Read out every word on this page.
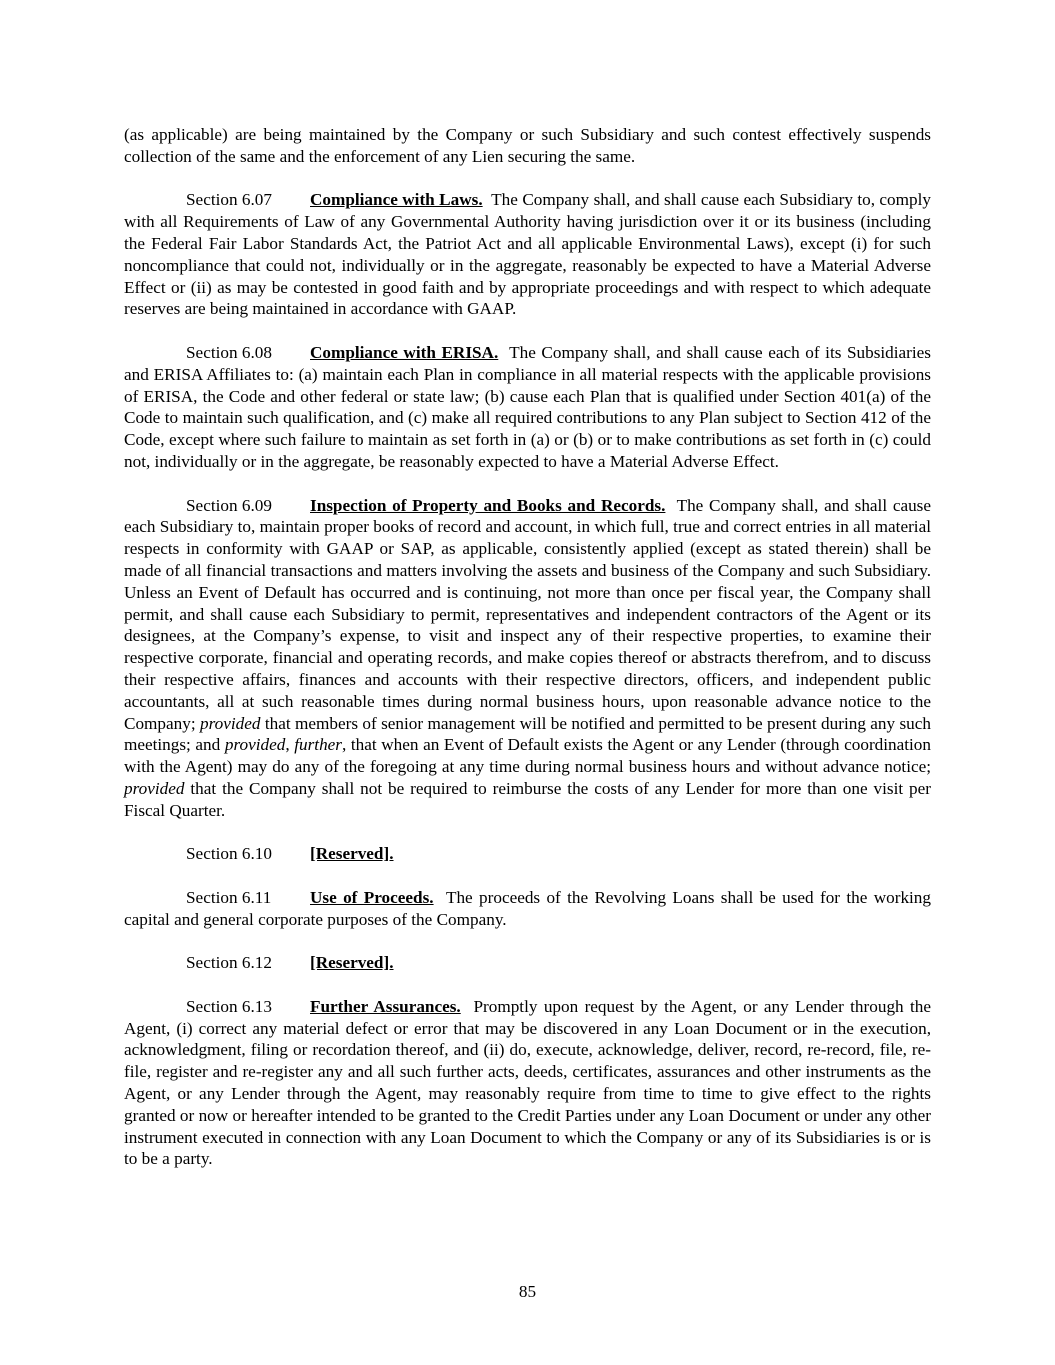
(as applicable) are being maintained by the Company or such Subsidiary and such contest effectively suspends collection of the same and the enforcement of any Lien securing the same.

Section 6.07 Compliance with Laws. The Company shall, and shall cause each Subsidiary to, comply with all Requirements of Law of any Governmental Authority having jurisdiction over it or its business (including the Federal Fair Labor Standards Act, the Patriot Act and all applicable Environmental Laws), except (i) for such noncompliance that could not, individually or in the aggregate, reasonably be expected to have a Material Adverse Effect or (ii) as may be contested in good faith and by appropriate proceedings and with respect to which adequate reserves are being maintained in accordance with GAAP.

Section 6.08 Compliance with ERISA. The Company shall, and shall cause each of its Subsidiaries and ERISA Affiliates to: (a) maintain each Plan in compliance in all material respects with the applicable provisions of ERISA, the Code and other federal or state law; (b) cause each Plan that is qualified under Section 401(a) of the Code to maintain such qualification, and (c) make all required contributions to any Plan subject to Section 412 of the Code, except where such failure to maintain as set forth in (a) or (b) or to make contributions as set forth in (c) could not, individually or in the aggregate, be reasonably expected to have a Material Adverse Effect.

Section 6.09 Inspection of Property and Books and Records. The Company shall, and shall cause each Subsidiary to, maintain proper books of record and account, in which full, true and correct entries in all material respects in conformity with GAAP or SAP, as applicable, consistently applied (except as stated therein) shall be made of all financial transactions and matters involving the assets and business of the Company and such Subsidiary. Unless an Event of Default has occurred and is continuing, not more than once per fiscal year, the Company shall permit, and shall cause each Subsidiary to permit, representatives and independent contractors of the Agent or its designees, at the Company’s expense, to visit and inspect any of their respective properties, to examine their respective corporate, financial and operating records, and make copies thereof or abstracts therefrom, and to discuss their respective affairs, finances and accounts with their respective directors, officers, and independent public accountants, all at such reasonable times during normal business hours, upon reasonable advance notice to the Company; provided that members of senior management will be notified and permitted to be present during any such meetings; and provided, further, that when an Event of Default exists the Agent or any Lender (through coordination with the Agent) may do any of the foregoing at any time during normal business hours and without advance notice; provided that the Company shall not be required to reimburse the costs of any Lender for more than one visit per Fiscal Quarter.

Section 6.10 [Reserved].

Section 6.11 Use of Proceeds. The proceeds of the Revolving Loans shall be used for the working capital and general corporate purposes of the Company.

Section 6.12 [Reserved].

Section 6.13 Further Assurances. Promptly upon request by the Agent, or any Lender through the Agent, (i) correct any material defect or error that may be discovered in any Loan Document or in the execution, acknowledgment, filing or recordation thereof, and (ii) do, execute, acknowledge, deliver, record, re-record, file, re-file, register and re-register any and all such further acts, deeds, certificates, assurances and other instruments as the Agent, or any Lender through the Agent, may reasonably require from time to time to give effect to the rights granted or now or hereafter intended to be granted to the Credit Parties under any Loan Document or under any other instrument executed in connection with any Loan Document to which the Company or any of its Subsidiaries is or is to be a party.

85
